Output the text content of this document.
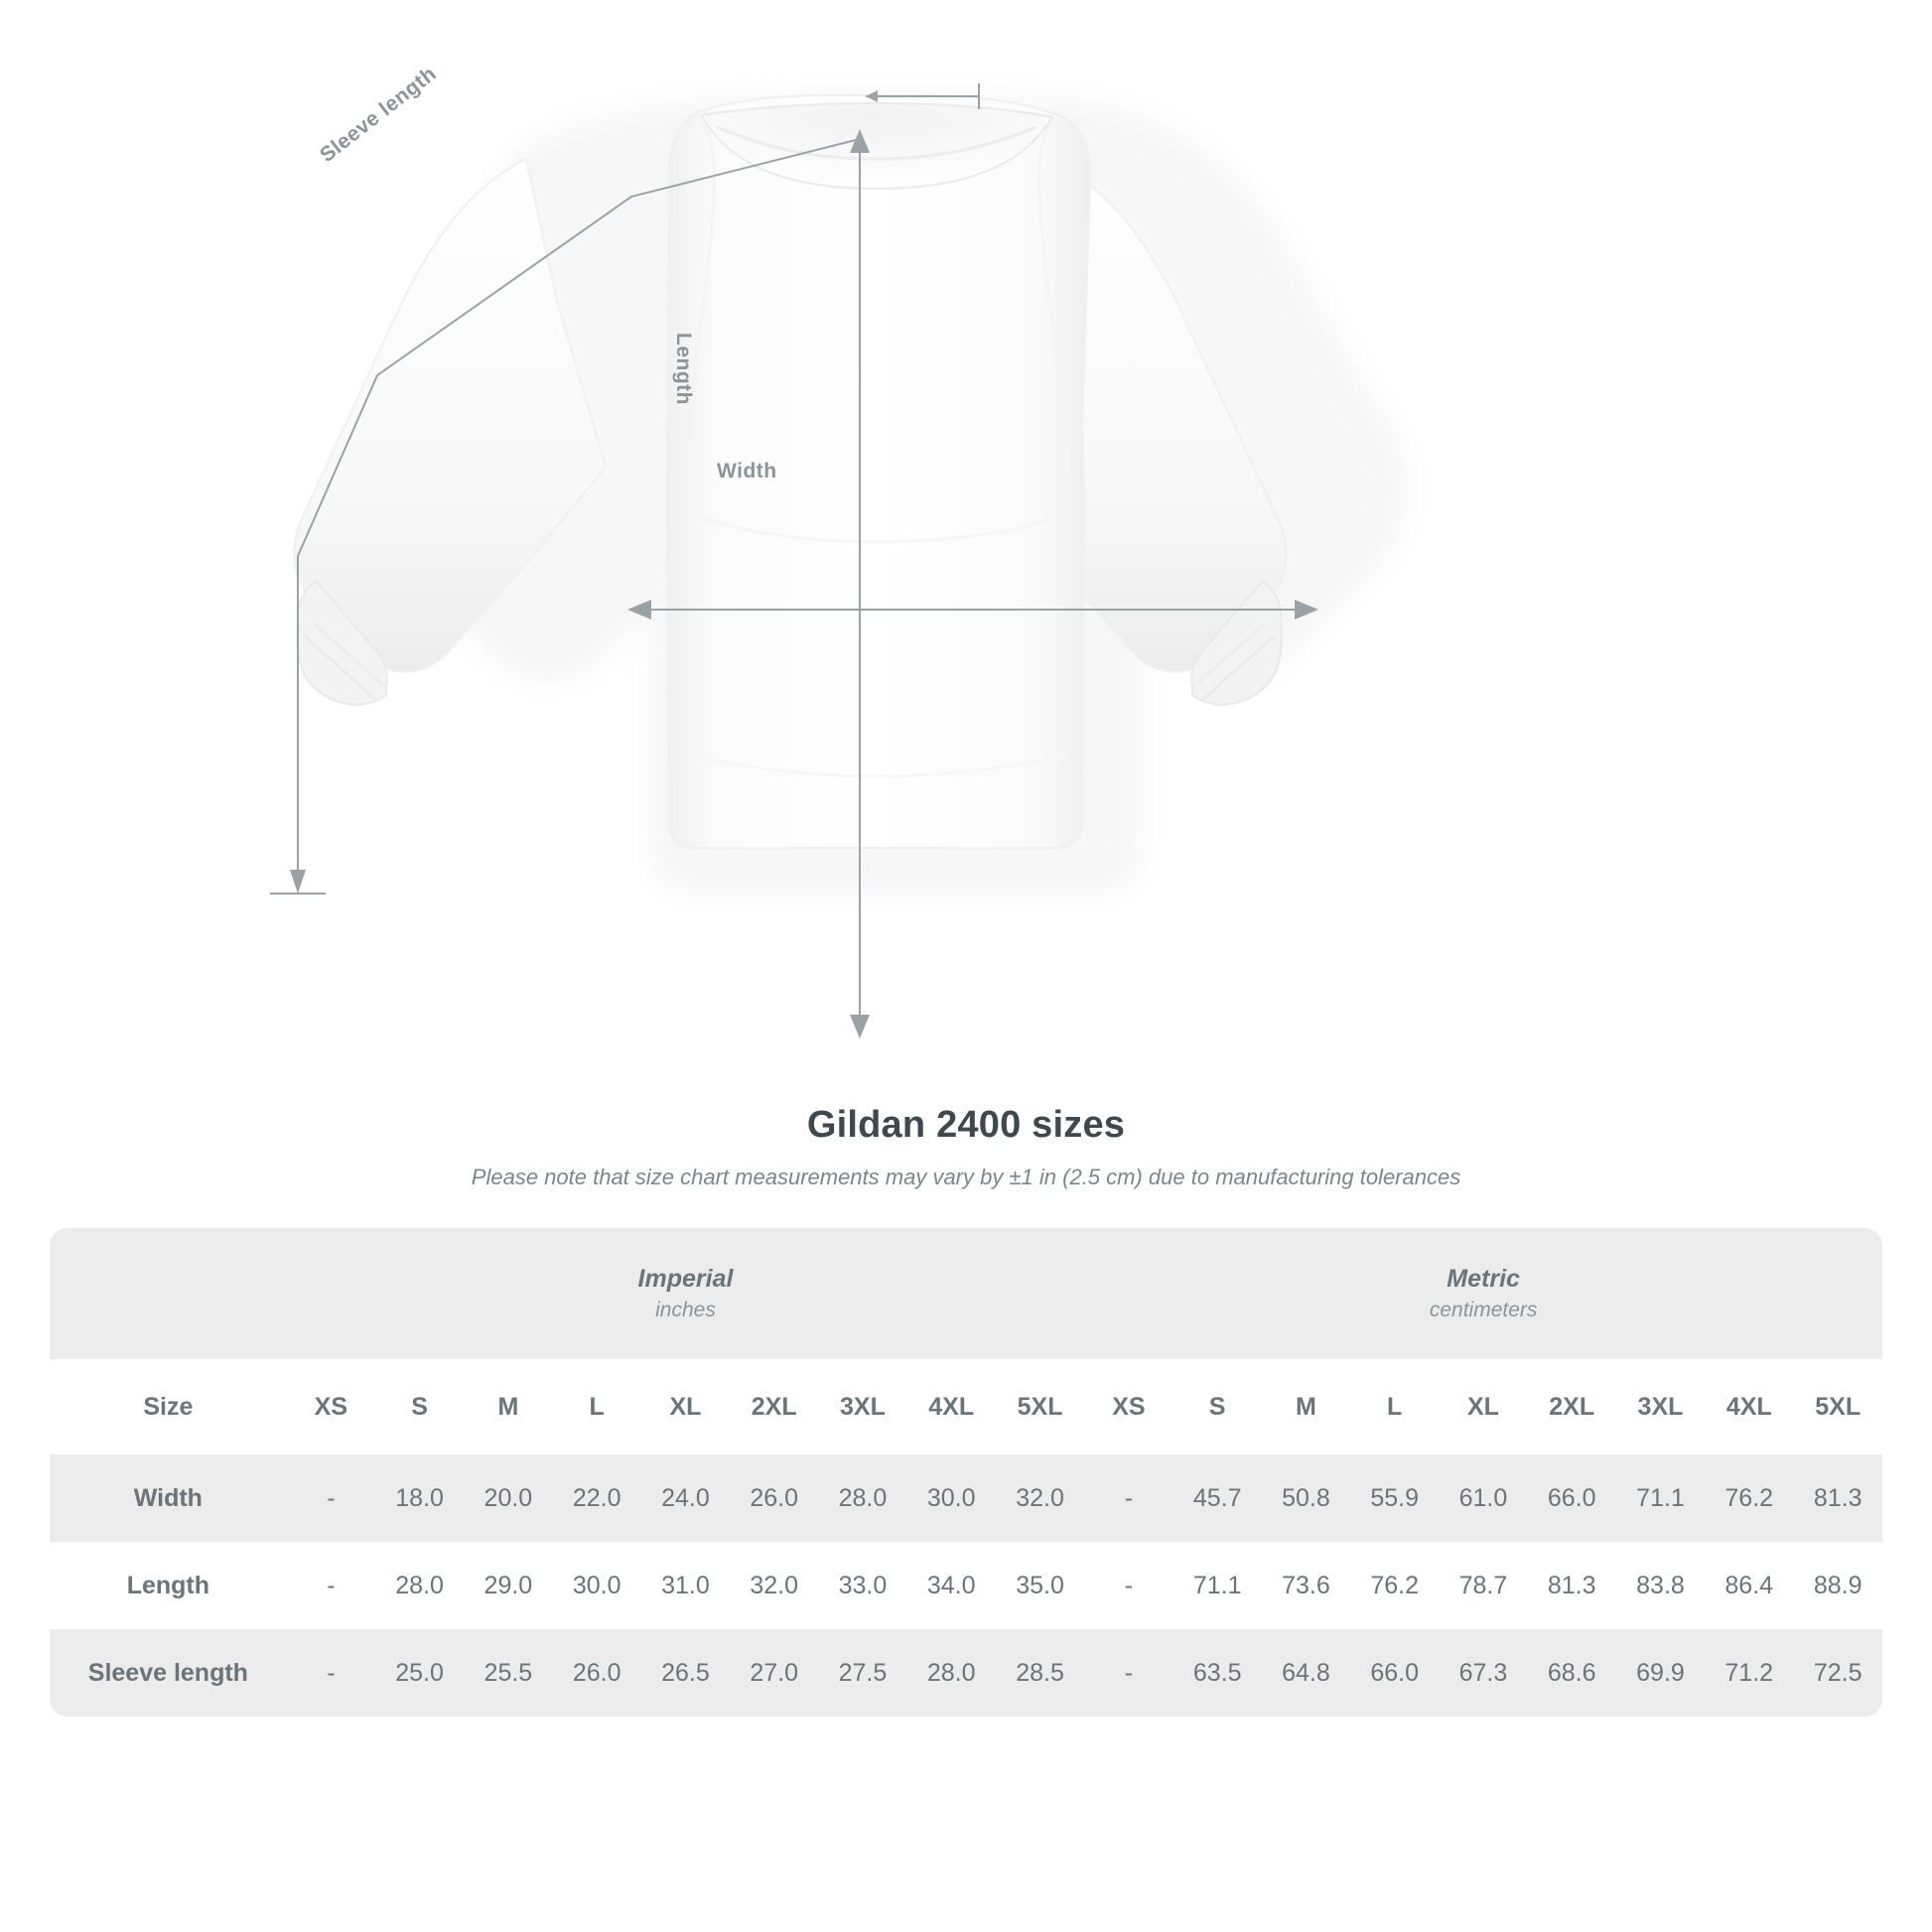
Sleeve length
Length
Width
Gildan 2400 sizes
Please note that size chart measurements may vary by ±1 in (2.5 cm) due to manufacturing tolerances
	Imperial
inches									Metric
centimeters								

Size	XS	S	M	L	XL	2XL	3XL	4XL	5XL	XS	S	M	L	XL	2XL	3XL	4XL	5XL
Width	-	18.0	20.0	22.0	24.0	26.0	28.0	30.0	32.0	-	45.7	50.8	55.9	61.0	66.0	71.1	76.2	81.3
Length	-	28.0	29.0	30.0	31.0	32.0	33.0	34.0	35.0	-	71.1	73.6	76.2	78.7	81.3	83.8	86.4	88.9
Sleeve length	-	25.0	25.5	26.0	26.5	27.0	27.5	28.0	28.5	-	63.5	64.8	66.0	67.3	68.6	69.9	71.2	72.5
